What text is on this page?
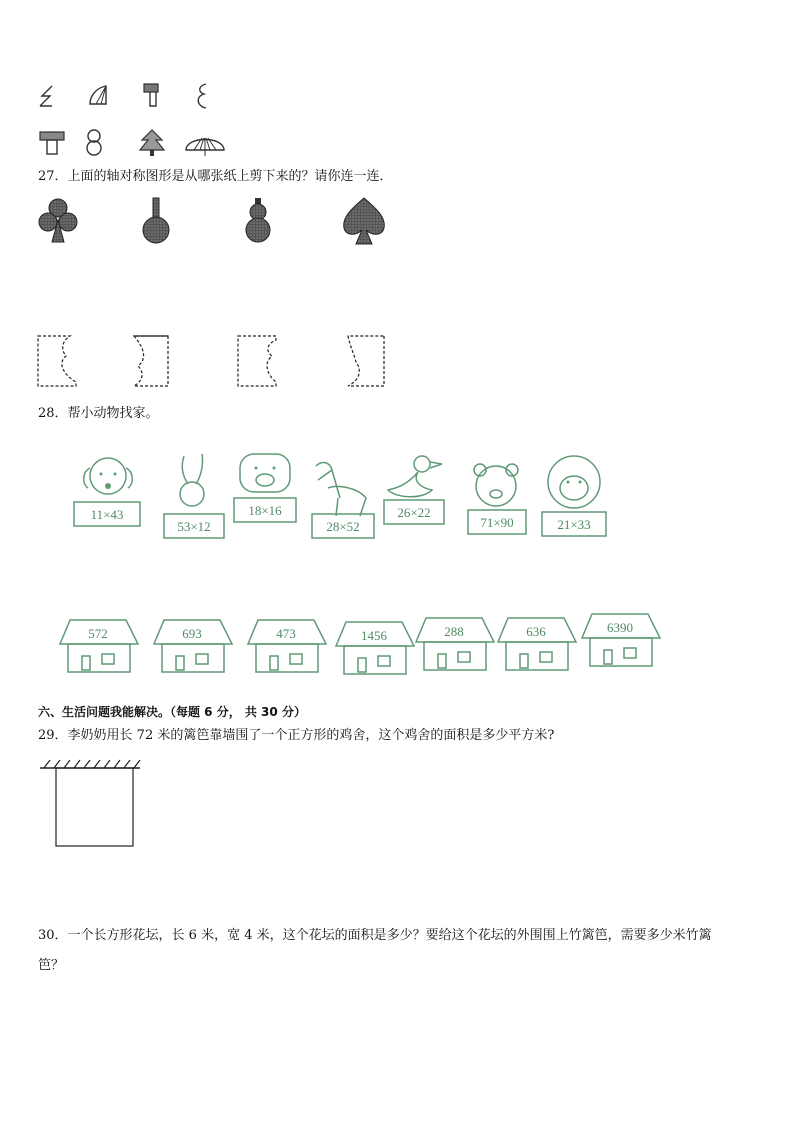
27．上面的轴对称图形是从哪张纸上剪下来的？请你连一连．
28．帮小动物找家。
11×43
53×12
18×16
28×52
26×22
71×90	21×33
572	693	473	1456	288	636	6390
六、生活问题我能解决。（每题 6 分， 共 30 分）
29．李奶奶用长 72 米的篱笆靠墙围了一个正方形的鸡舍，这个鸡舍的面积是多少平方米?
30．一个长方形花坛，长 6 米，宽 4 米，这个花坛的面积是多少？要给这个花坛的外围围上竹篱笆，需要多少米竹篱
笆？
